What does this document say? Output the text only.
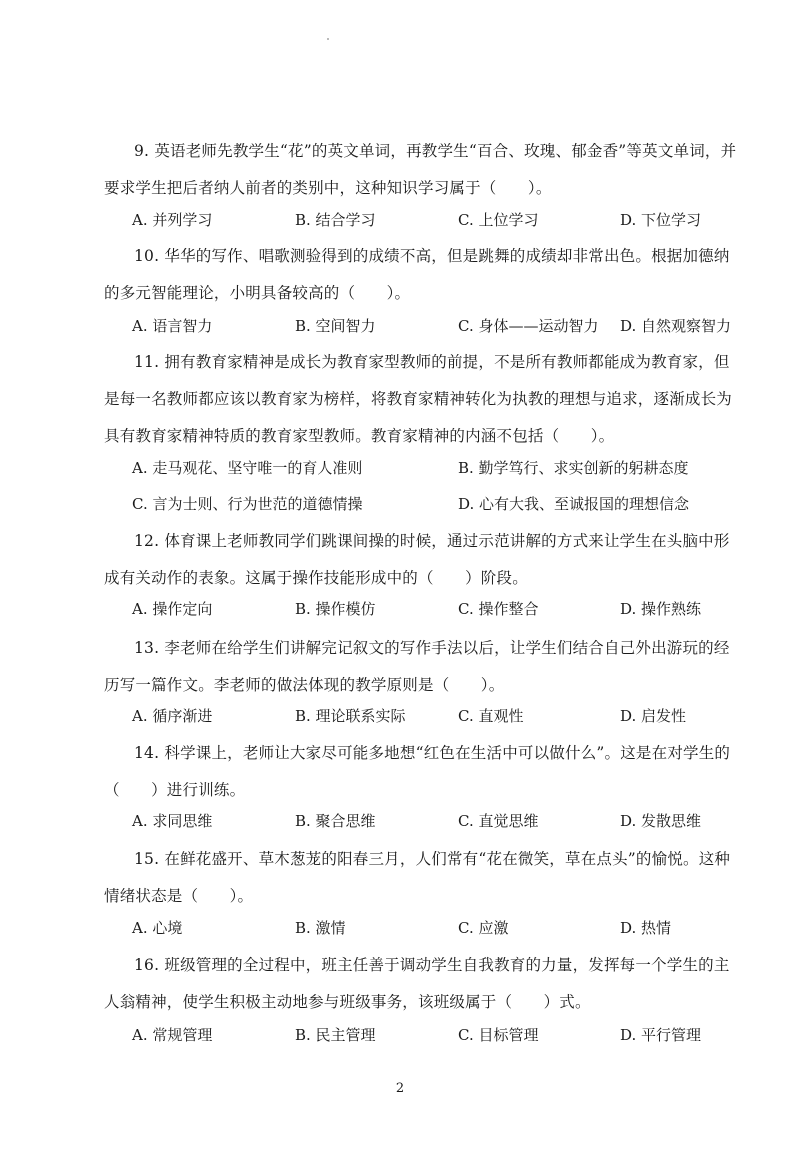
9. 英语老师先教学生“花”的英文单词，再教学生“百合、玫瑰、郁金香”等英文单词，并要求学生把后者纳人前者的类别中，这种知识学习属于（　　）。
A. 并列学习	B. 结合学习	C. 上位学习	D. 下位学习
10. 华华的写作、唱歌测验得到的成绩不高，但是跳舞的成绩却非常出色。根据加德纳的多元智能理论，小明具备较高的（　　）。
A. 语言智力	B. 空间智力	C. 身体——运动智力 D. 自然观察智力
11. 拥有教育家精神是成长为教育家型教师的前提，不是所有教师都能成为教育家，但是每一名教师都应该以教育家为榜样，将教育家精神转化为执教的理想与追求，逐渐成长为具有教育家精神特质的教育家型教师。教育家精神的内涵不包括（　　）。
A. 走马观花、坚守唯一的育人准则	B. 勤学笃行、求实创新的躬耕态度
C. 言为士则、行为世范的道德情操	D. 心有大我、至诚报国的理想信念
12. 体育课上老师教同学们跳课间操的时候，通过示范讲解的方式来让学生在头脑中形成有关动作的表象。这属于操作技能形成中的（　　）阶段。
A. 操作定向	B. 操作模仿	C. 操作整合	D. 操作熟练
13. 李老师在给学生们讲解完记叙文的写作手法以后，让学生们结合自己外出游玩的经历写一篇作文。李老师的做法体现的教学原则是（　　）。
A. 循序渐进	B. 理论联系实际	C. 直观性	D. 启发性
14. 科学课上，老师让大家尽可能多地想“红色在生活中可以做什么”。这是在对学生的（　　）进行训练。
A. 求同思维	B. 聚合思维	C. 直觉思维	D. 发散思维
15. 在鲜花盛开、草木葱茏的阳春三月，人们常有“花在微笑，草在点头”的愉悦。这种情绪状态是（　　）。
A. 心境	B. 激情	C. 应激	D. 热情
16. 班级管理的全过程中，班主任善于调动学生自我教育的力量，发挥每一个学生的主人翁精神，使学生积极主动地参与班级事务，该班级属于（　　）式。
A. 常规管理	B. 民主管理	C. 目标管理	D. 平行管理
2
